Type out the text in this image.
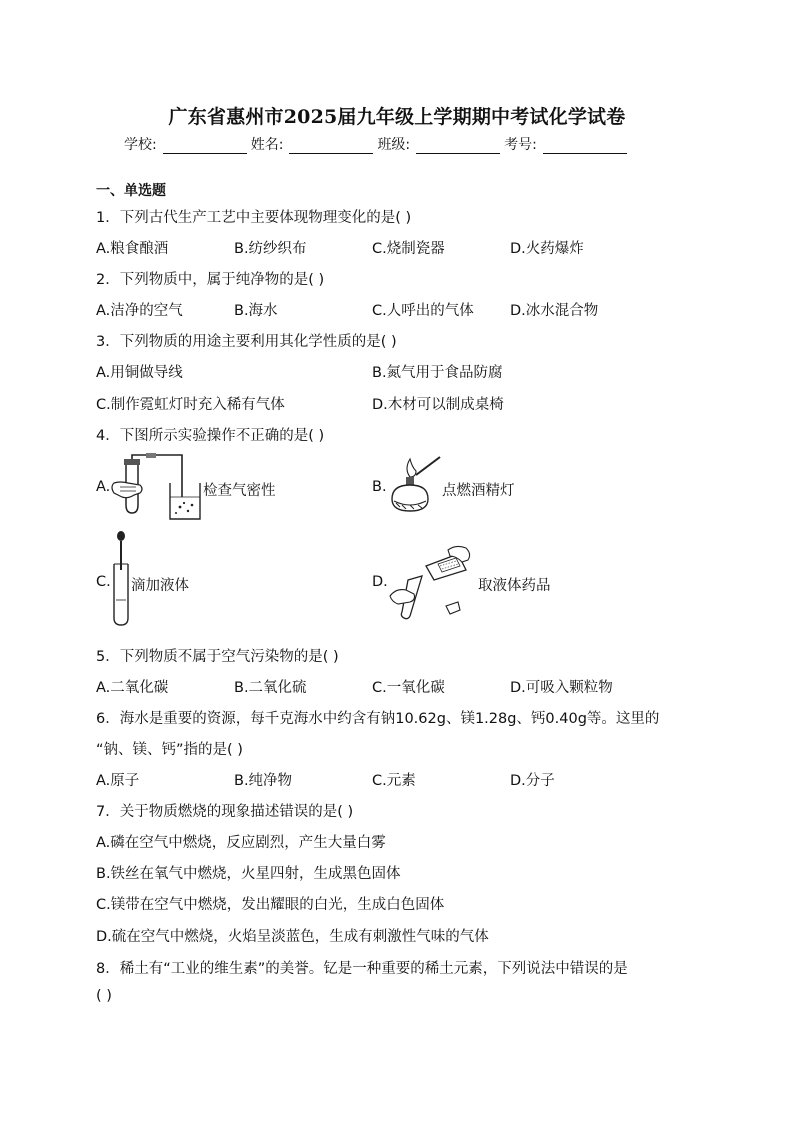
广东省惠州市2025届九年级上学期期中考试化学试卷
学校:	姓名:	班级:	考号:
一、单选题
1．下列古代生产工艺中主要体现物理变化的是( )
A.粮食酿酒	B.纺纱织布	C.烧制瓷器	D.火药爆炸
2．下列物质中，属于纯净物的是( )
A.洁净的空气	B.海水	C.人呼出的气体	D.冰水混合物
3．下列物质的用途主要利用其化学性质的是( )
A.用铜做导线	B.氮气用于食品防腐
C.制作霓虹灯时充入稀有气体	D.木材可以制成桌椅
4．下图所示实验操作不正确的是( )
A.	检查气密性	B.	点燃酒精灯
C. 滴加液体	D.	取液体药品
5．下列物质不属于空气污染物的是( )
A.二氧化碳	B.二氧化硫	C.一氧化碳	D.可吸入颗粒物
6．海水是重要的资源，每千克海水中约含有钠10.62g、镁1.28g、钙0.40g等。这里的
“钠、镁、钙”指的是( )
A.原子	B.纯净物	C.元素	D.分子
7．关于物质燃烧的现象描述错误的是( )
A.磷在空气中燃烧，反应剧烈，产生大量白雾
B.铁丝在氧气中燃烧，火星四射，生成黑色固体
C.镁带在空气中燃烧，发出耀眼的白光，生成白色固体
D.硫在空气中燃烧，火焰呈淡蓝色，生成有刺激性气味的气体
8．稀土有“工业的维生素”的美誉。钇是一种重要的稀土元素，下列说法中错误的是
( )
